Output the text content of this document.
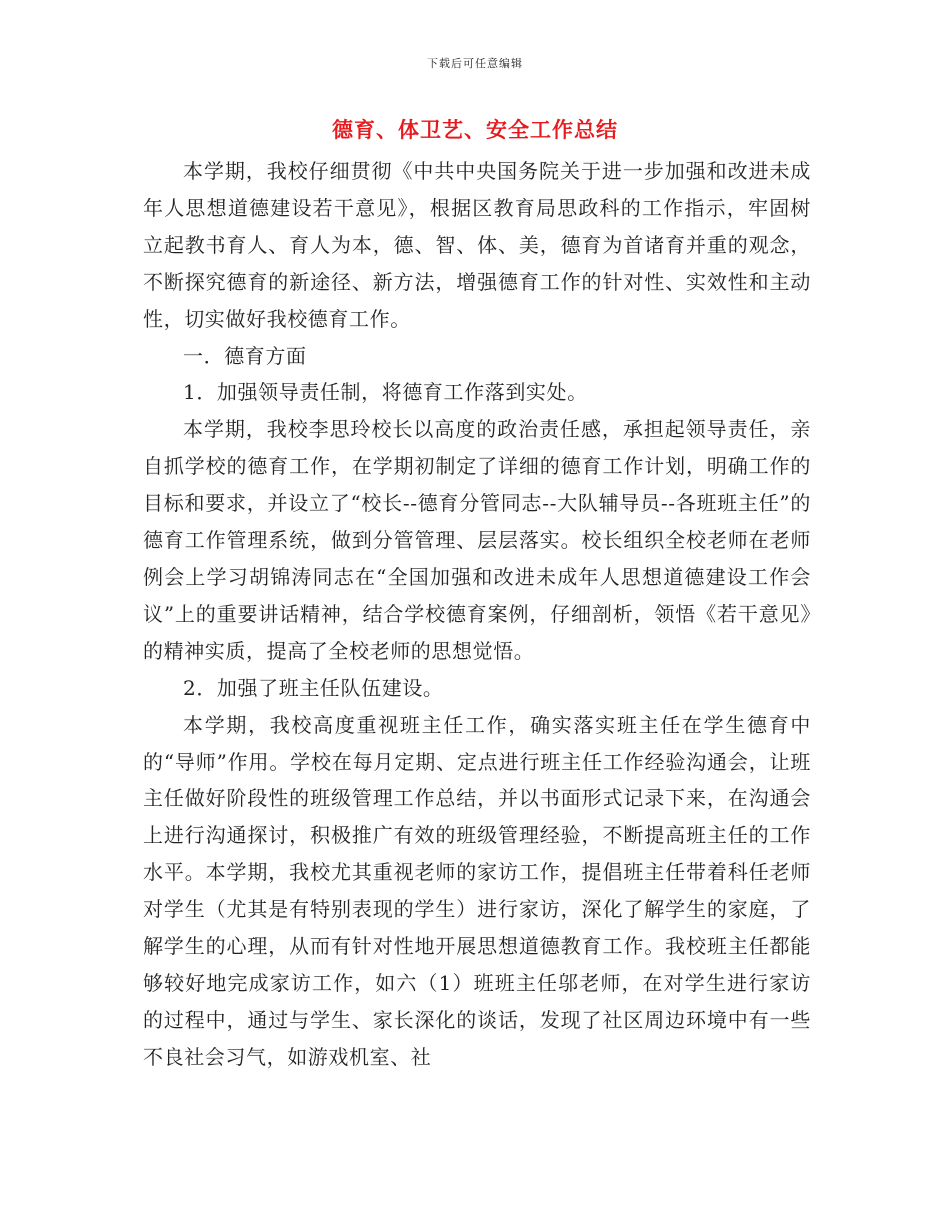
下载后可任意编辑
德育、体卫艺、安全工作总结

本学期，我校仔细贯彻《中共中央国务院关于进一步加强和改进未成年人思想道德建设若干意见》，根据区教育局思政科的工作指示，牢固树立起教书育人、育人为本，德、智、体、美，德育为首诸育并重的观念，不断探究德育的新途径、新方法，增强德育工作的针对性、实效性和主动性，切实做好我校德育工作。

一．德育方面

1．加强领导责任制，将德育工作落到实处。

本学期，我校李思玲校长以高度的政治责任感，承担起领导责任，亲自抓学校的德育工作，在学期初制定了详细的德育工作计划，明确工作的目标和要求，并设立了“校长--德育分管同志--大队辅导员--各班班主任”的德育工作管理系统，做到分管管理、层层落实。校长组织全校老师在老师例会上学习胡锦涛同志在“全国加强和改进未成年人思想道德建设工作会议”上的重要讲话精神，结合学校德育案例，仔细剖析，领悟《若干意见》的精神实质，提高了全校老师的思想觉悟。

2．加强了班主任队伍建设。

本学期，我校高度重视班主任工作，确实落实班主任在学生德育中的“导师”作用。学校在每月定期、定点进行班主任工作经验沟通会，让班主任做好阶段性的班级管理工作总结，并以书面形式记录下来，在沟通会上进行沟通探讨，积极推广有效的班级管理经验，不断提高班主任的工作水平。本学期，我校尤其重视老师的家访工作，提倡班主任带着科任老师对学生（尤其是有特别表现的学生）进行家访，深化了解学生的家庭，了解学生的心理，从而有针对性地开展思想道德教育工作。我校班主任都能够较好地完成家访工作，如六（1）班班主任邬老师，在对学生进行家访的过程中，通过与学生、家长深化的谈话，发现了社区周边环境中有一些不良社会习气，如游戏机室、社
